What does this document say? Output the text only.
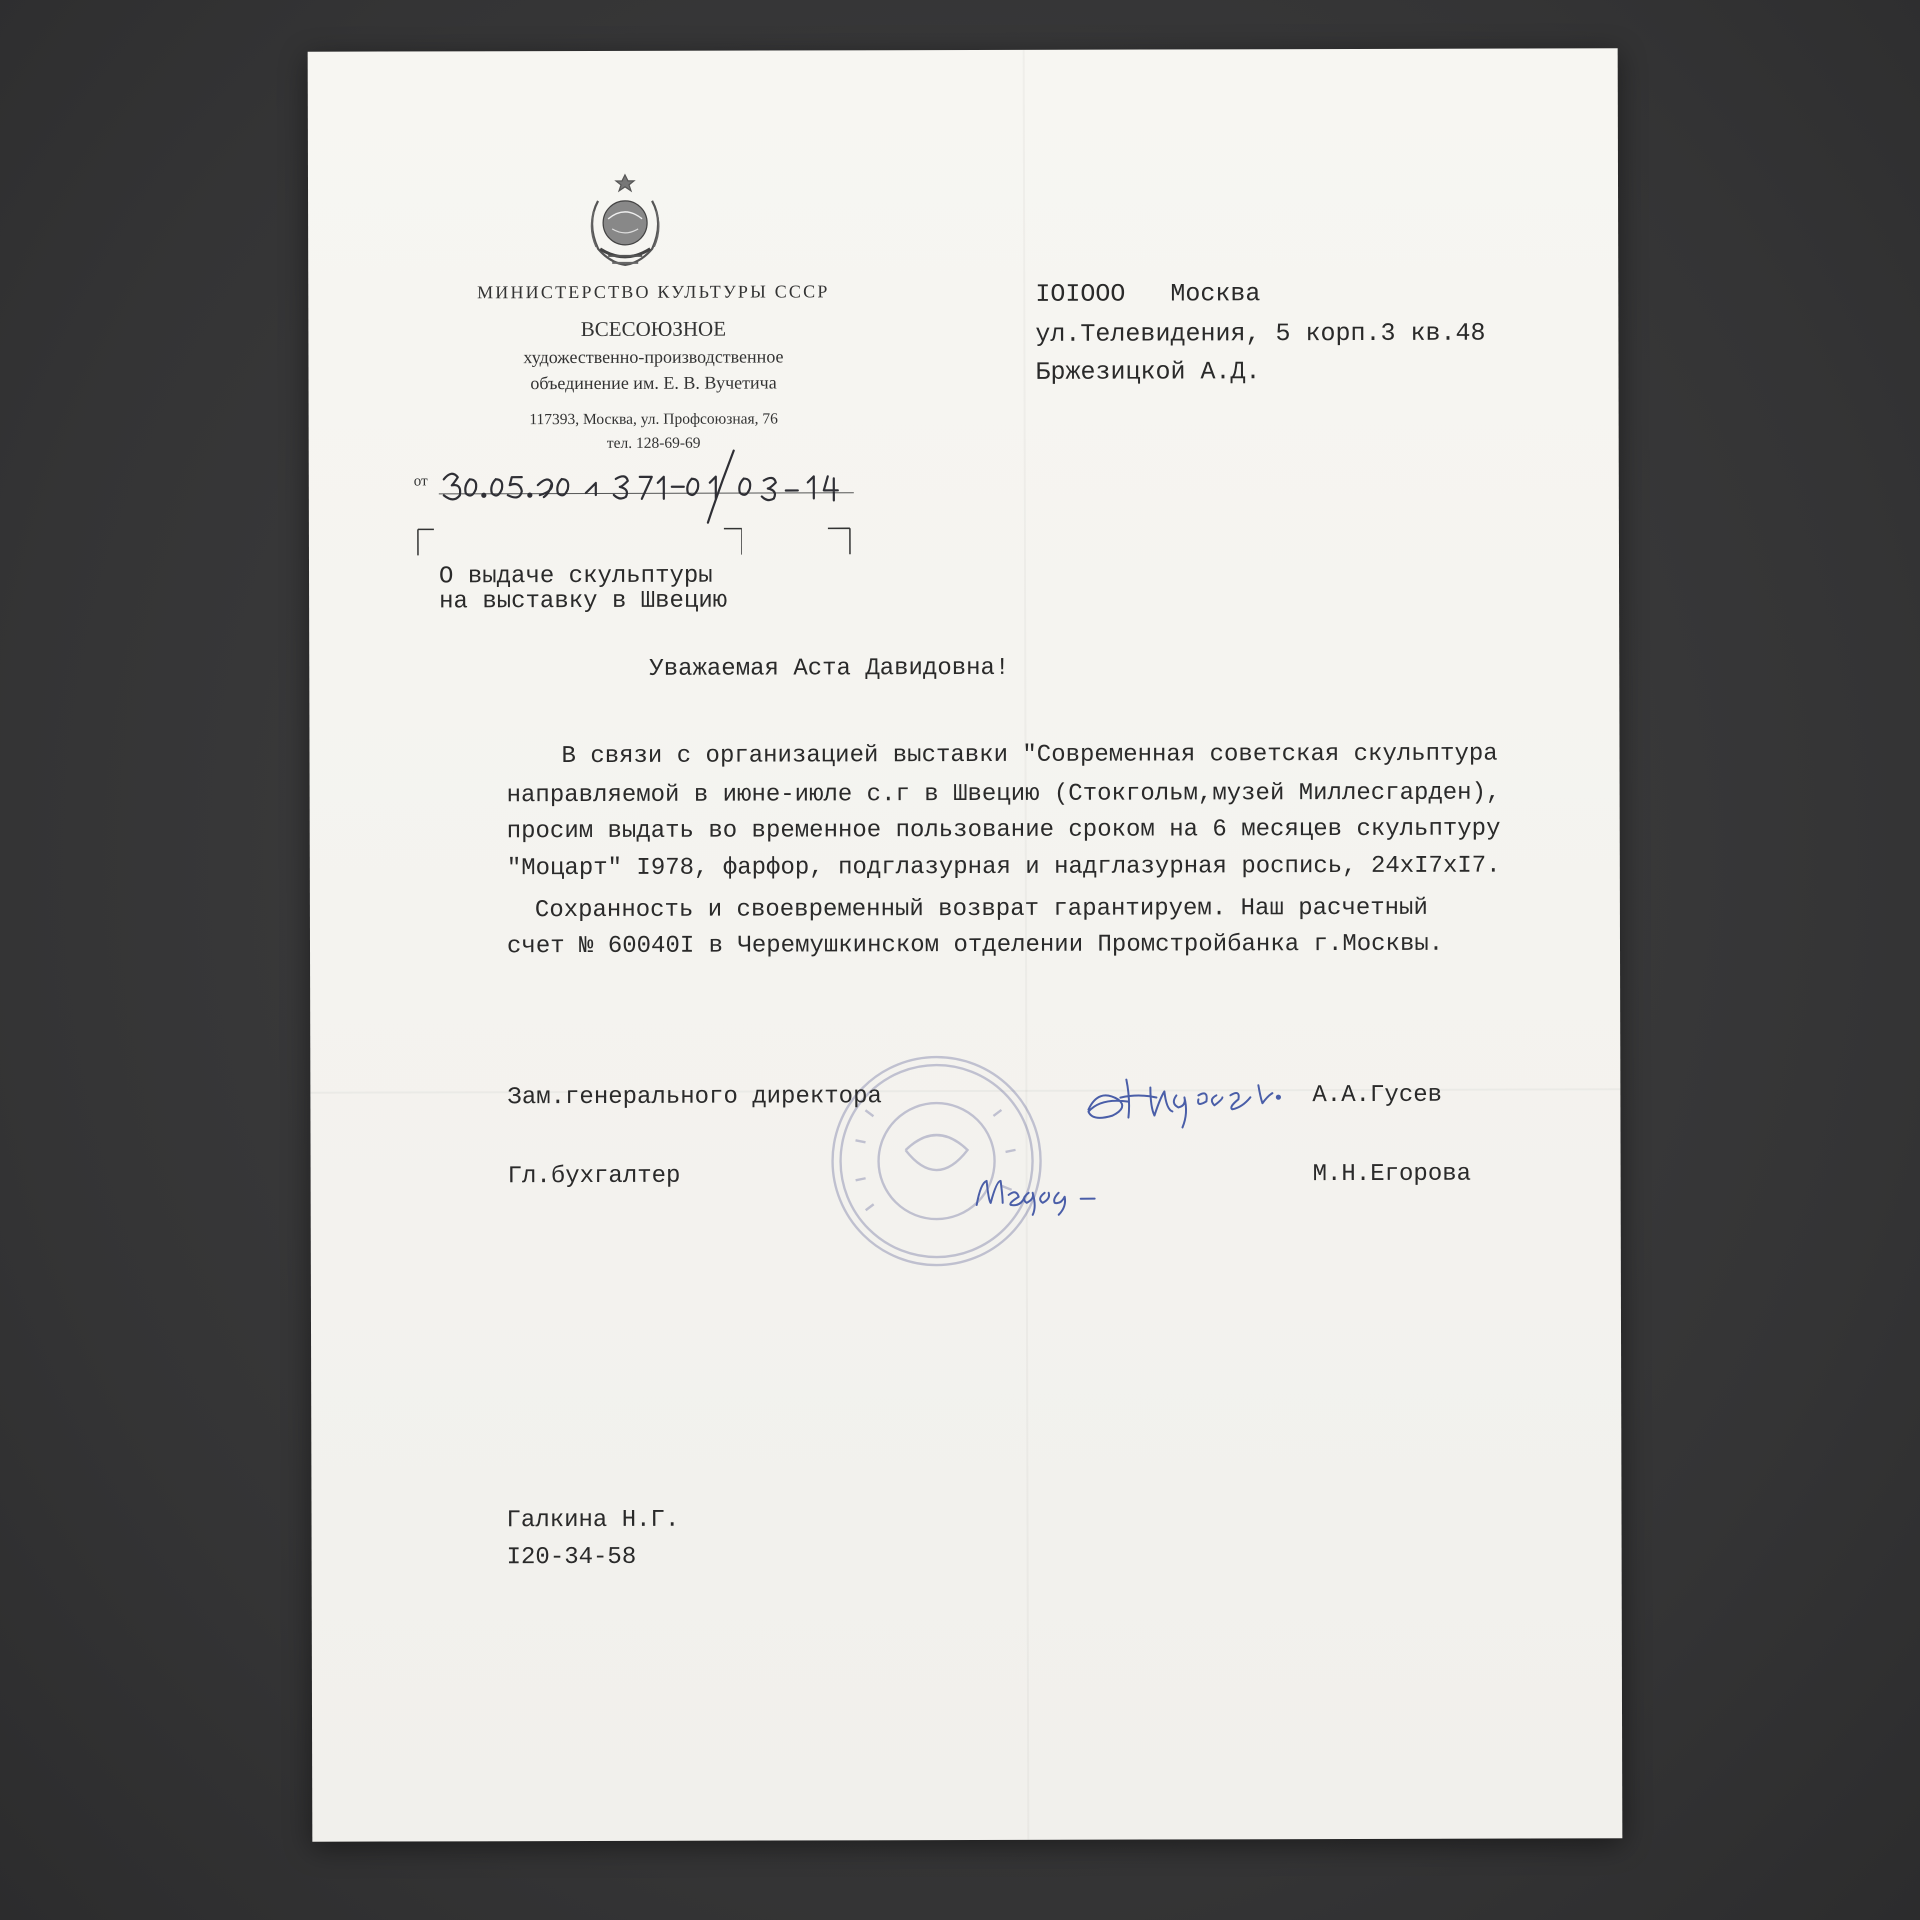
МИНИСТЕРСТВО КУЛЬТУРЫ СССР
ВСЕСОЮЗНОЕ
художественно-производственное
объединение им. Е. В. Вучетича
117393, Москва, ул. Профсоюзная, 76
тел. 128-69-69
от
О выдаче скульптуры
на выставку в Швецию
IOIOOO   Москва
ул.Телевидения, 5 корп.3 кв.48
Бржезицкой А.Д.
Уважаемая Аста Давидовна!
В связи с организацией выставки "Современная советская скульптура
направляемой в июне-июле с.г в Швецию (Стокгольм,музей Миллесгарден),
просим выдать во временное пользование сроком на 6 месяцев скульптуру
"Моцарт" I978, фарфор, подглазурная и надглазурная роспись, 24xI7xI7.
Сохранность и своевременный возврат гарантируем. Наш расчетный
счет № 60040I в Черемушкинском отделении Промстройбанка г.Москвы.
Зам.генерального директора
Гл.бухгалтер
А.А.Гусев
М.Н.Егорова
Галкина Н.Г.
I20-34-58
